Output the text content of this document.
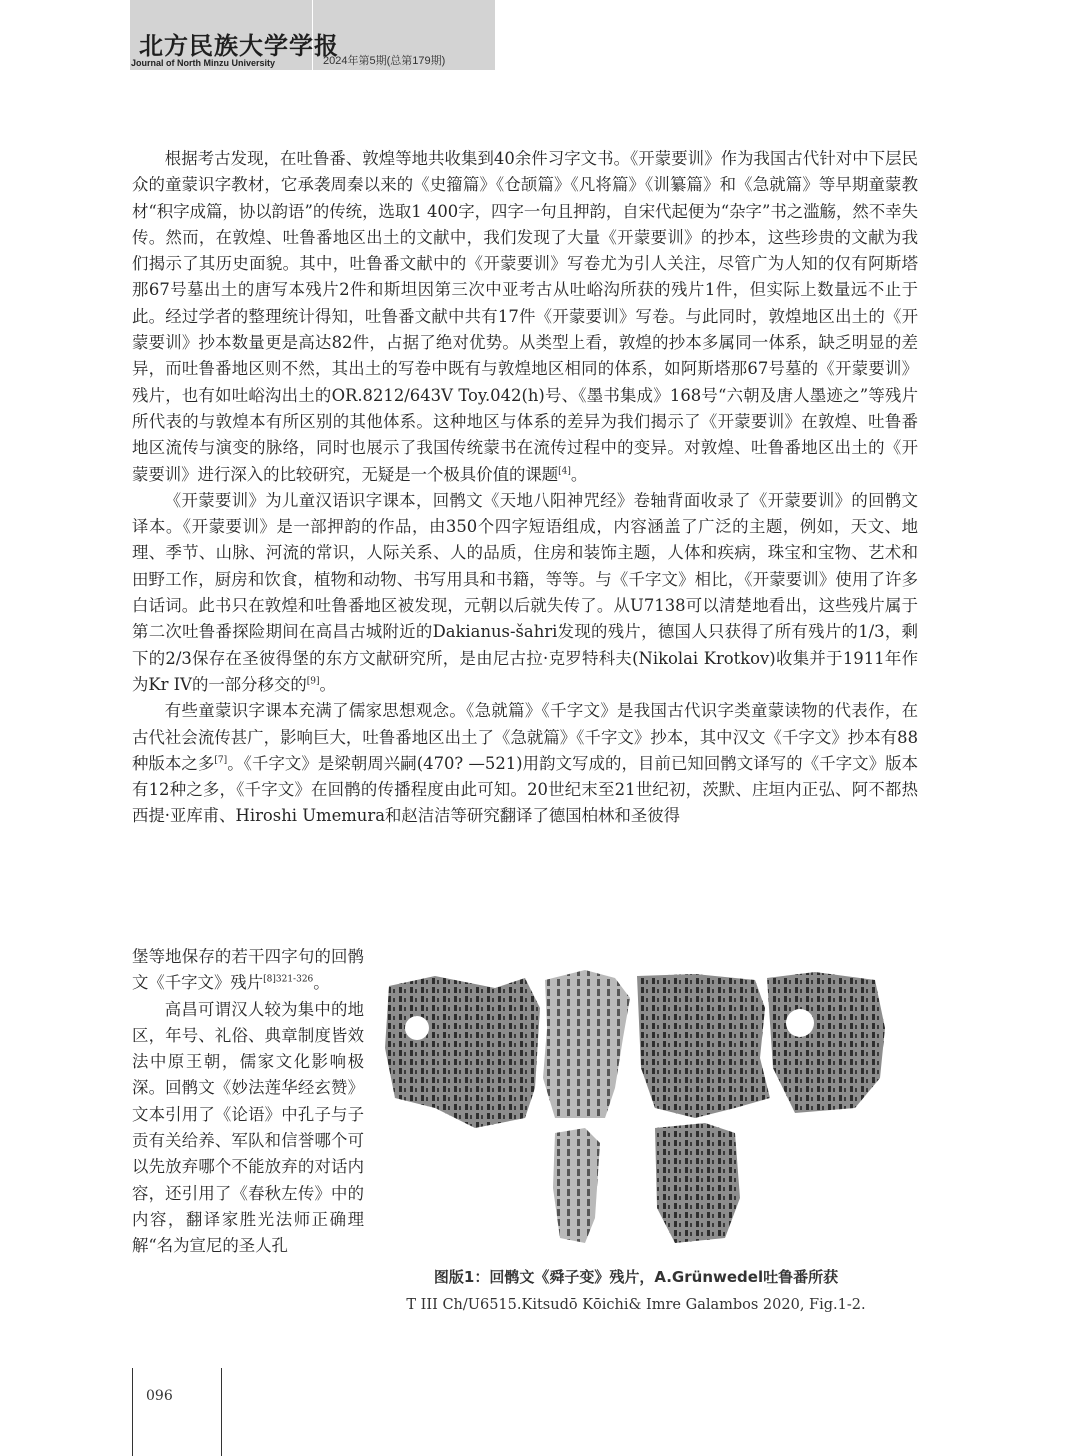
北方民族大学学报
Journal of North Minzu University	2024年第5期(总第179期)

根据考古发现，在吐鲁番、敦煌等地共收集到40余件习字文书。《开蒙要训》作为我国古代针对中下层民众的童蒙识字教材，它承袭周秦以来的《史籀篇》《仓颉篇》《凡将篇》《训纂篇》和《急就篇》等早期童蒙教材“积字成篇，协以韵语”的传统，选取1 400字，四字一句且押韵，自宋代起便为“杂字”书之滥觞，然不幸失传。然而，在敦煌、吐鲁番地区出土的文献中，我们发现了大量《开蒙要训》的抄本，这些珍贵的文献为我们揭示了其历史面貌。其中，吐鲁番文献中的《开蒙要训》写卷尤为引人关注，尽管广为人知的仅有阿斯塔那67号墓出土的唐写本残片2件和斯坦因第三次中亚考古从吐峪沟所获的残片1件，但实际上数量远不止于此。经过学者的整理统计得知，吐鲁番文献中共有17件《开蒙要训》写卷。与此同时，敦煌地区出土的《开蒙要训》抄本数量更是高达82件，占据了绝对优势。从类型上看，敦煌的抄本多属同一体系，缺乏明显的差异，而吐鲁番地区则不然，其出土的写卷中既有与敦煌地区相同的体系，如阿斯塔那67号墓的《开蒙要训》残片，也有如吐峪沟出土的OR.8212/643V Toy.042(h)号、《墨书集成》168号“六朝及唐人墨迹之”等残片所代表的与敦煌本有所区别的其他体系。这种地区与体系的差异为我们揭示了《开蒙要训》在敦煌、吐鲁番地区流传与演变的脉络，同时也展示了我国传统蒙书在流传过程中的变异。对敦煌、吐鲁番地区出土的《开蒙要训》进行深入的比较研究，无疑是一个极具价值的课题[4]。

《开蒙要训》为儿童汉语识字课本，回鹘文《天地八阳神咒经》卷轴背面收录了《开蒙要训》的回鹘文译本。《开蒙要训》是一部押韵的作品，由350个四字短语组成，内容涵盖了广泛的主题，例如，天文、地理、季节、山脉、河流的常识，人际关系、人的品质，住房和装饰主题，人体和疾病，珠宝和宝物、艺术和田野工作，厨房和饮食，植物和动物、书写用具和书籍，等等。与《千字文》相比，《开蒙要训》使用了许多白话词。此书只在敦煌和吐鲁番地区被发现，元朝以后就失传了。从U7138可以清楚地看出，这些残片属于第二次吐鲁番探险期间在高昌古城附近的Dakianus-šahri发现的残片，德国人只获得了所有残片的1/3，剩下的2/3保存在圣彼得堡的东方文献研究所，是由尼古拉·克罗特科夫(Nikolai Krotkov)收集并于1911年作为Kr IV的一部分移交的[9]。

有些童蒙识字课本充满了儒家思想观念。《急就篇》《千字文》是我国古代识字类童蒙读物的代表作，在古代社会流传甚广，影响巨大，吐鲁番地区出土了《急就篇》《千字文》抄本，其中汉文《千字文》抄本有88种版本之多[7]。《千字文》是梁朝周兴嗣(470? —521)用韵文写成的，目前已知回鹘文译写的《千字文》版本有12种之多，《千字文》在回鹘的传播程度由此可知。20世纪末至21世纪初，茨默、庄垣内正弘、阿不都热西提·亚库甫、Hiroshi Umemura和赵洁洁等研究翻译了德国柏林和圣彼得

堡等地保存的若干四字句的回鹘文《千字文》残片$^{[8]321-326}$。

高昌可谓汉人较为集中的地区，年号、礼俗、典章制度皆效法中原王朝，儒家文化影响极深。回鹘文《妙法莲华经玄赞》文本引用了《论语》中孔子与子贡有关给养、军队和信誉哪个可以先放弃哪个不能放弃的对话内容，还引用了《春秋左传》中的内容，翻译家胜光法师正确理解“名为宣尼的圣人孔

图版1：回鹘文《舜子变》残片，A.Grünwedel吐鲁番所获
T III Ch/U6515.Kitsudō Kōichi& Imre Galambos 2020, Fig.1-2.
096
